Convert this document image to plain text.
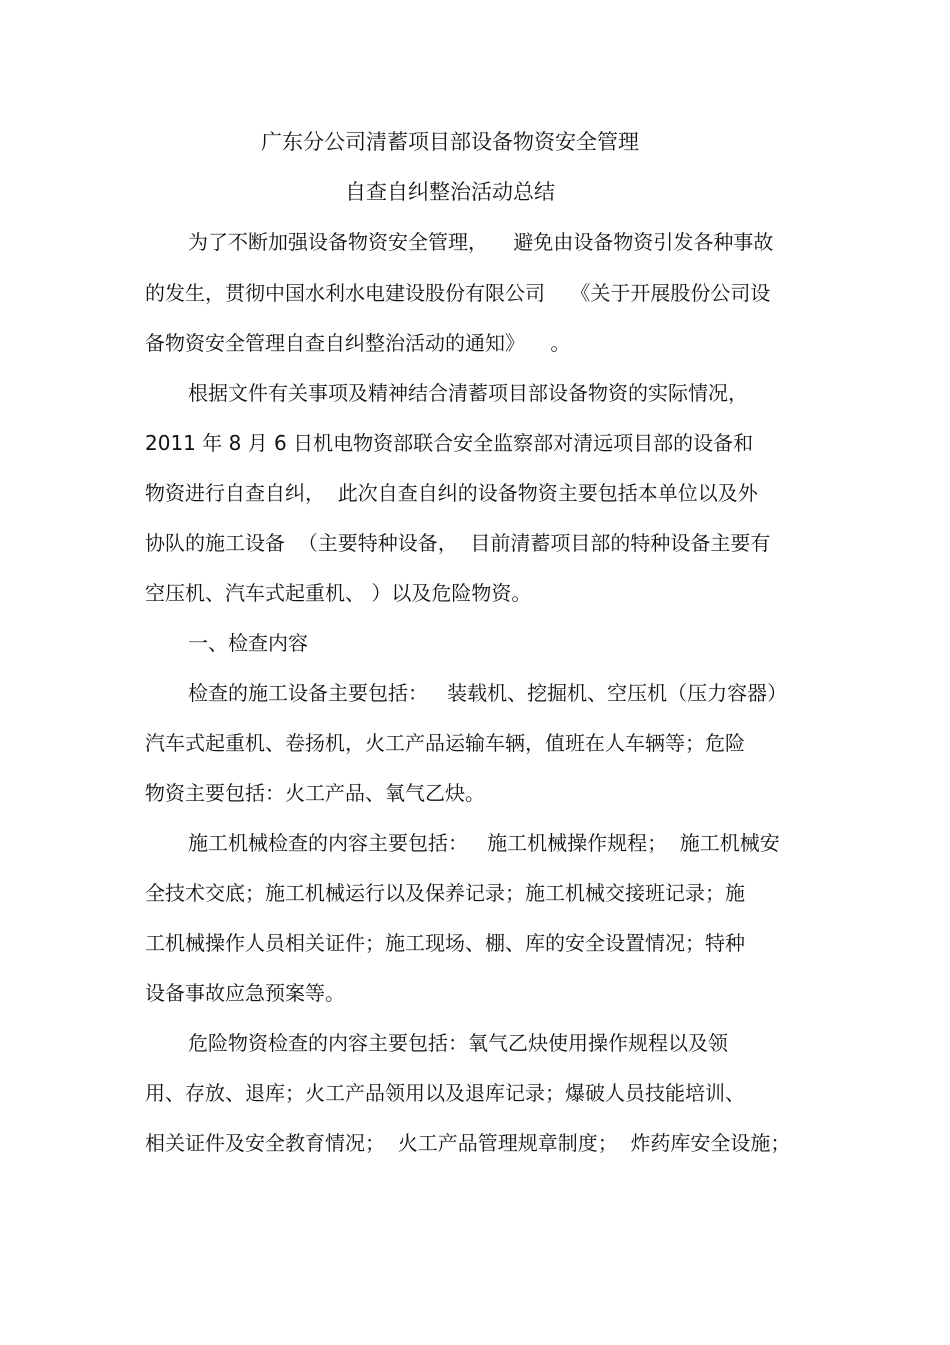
广东分公司清蓄项目部设备物资安全管理
自查自纠整治活动总结
为了不断加强设备物资安全管理，    避免由设备物资引发各种事故
的发生，贯彻中国水利水电建设股份有限公司    《关于开展股份公司设
备物资安全管理自查自纠整治活动的通知》    。
根据文件有关事项及精神结合清蓄项目部设备物资的实际情况，
2011 年 8 月 6 日机电物资部联合安全监察部对清远项目部的设备和
物资进行自查自纠，  此次自查自纠的设备物资主要包括本单位以及外
协队的施工设备  （主要特种设备，  目前清蓄项目部的特种设备主要有
空压机、汽车式起重机、 ）以及危险物资。
一、检查内容
检查的施工设备主要包括：   装载机、挖掘机、空压机（压力容器）
汽车式起重机、卷扬机，火工产品运输车辆，值班在人车辆等；危险
物资主要包括：火工产品、氧气乙炔。
施工机械检查的内容主要包括：   施工机械操作规程；  施工机械安
全技术交底；施工机械运行以及保养记录；施工机械交接班记录；施
工机械操作人员相关证件；施工现场、棚、库的安全设置情况；特种
设备事故应急预案等。
危险物资检查的内容主要包括：氧气乙炔使用操作规程以及领
用、存放、退库；火工产品领用以及退库记录；爆破人员技能培训、
相关证件及安全教育情况；  火工产品管理规章制度；  炸药库安全设施；
